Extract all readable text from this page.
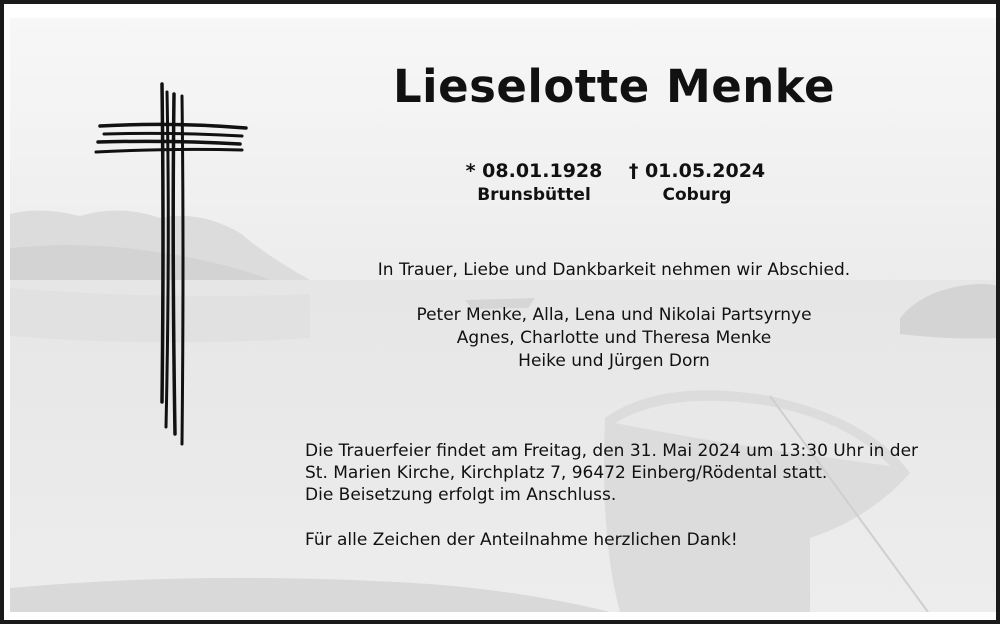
Lieselotte Menke
* 08.01.1928
Brunsbüttel
† 01.05.2024
Coburg
In Trauer, Liebe und Dankbarkeit nehmen wir Abschied.
Peter Menke, Alla, Lena und Nikolai Partsyrnye
Agnes, Charlotte und Theresa Menke
Heike und Jürgen Dorn
Die Trauerfeier findet am Freitag, den 31. Mai 2024 um 13:30 Uhr in der
St. Marien Kirche, Kirchplatz 7, 96472 Einberg/Rödental statt.
Die Beisetzung erfolgt im Anschluss.
Für alle Zeichen der Anteilnahme herzlichen Dank!
